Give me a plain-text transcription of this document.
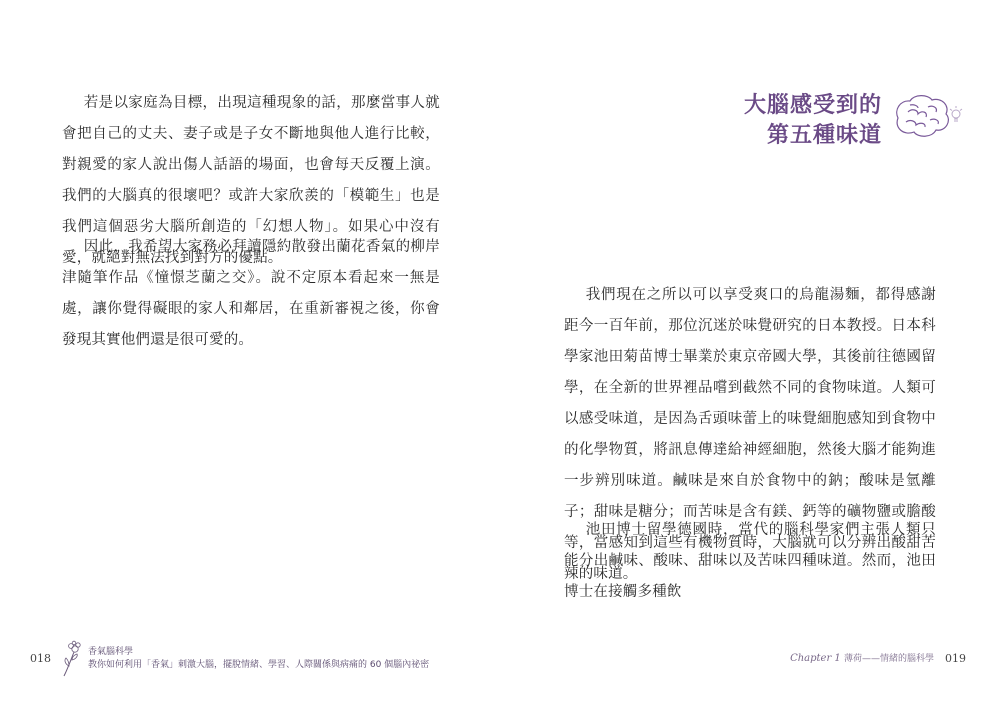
若是以家庭為目標，出現這種現象的話，那麼當事人就會把自己的丈夫、妻子或是子女不斷地與他人進行比較，對親愛的家人說出傷人話語的場面，也會每天反覆上演。我們的大腦真的很壞吧？或許大家欣羨的「模範生」也是我們這個惡劣大腦所創造的「幻想人物」。如果心中沒有愛，就絕對無法找到對方的優點。

因此，我希望大家務必拜讀隱約散發出蘭花香氣的柳岸津隨筆作品《憧憬芝蘭之交》。說不定原本看起來一無是處，讓你覺得礙眼的家人和鄰居，在重新審視之後，你會發現其實他們還是很可愛的。

018	香氣腦科學
教你如何利用「香氣」刺激大腦，擺脫情緒、學習、人際關係與病痛的 60 個腦內祕密
大腦感受到的
第五種味道

我們現在之所以可以享受爽口的烏龍湯麵，都得感謝距今一百年前，那位沉迷於味覺研究的日本教授。日本科學家池田菊苗博士畢業於東京帝國大學，其後前往德國留學，在全新的世界裡品嚐到截然不同的食物味道。人類可以感受味道，是因為舌頭味蕾上的味覺細胞感知到食物中的化學物質，將訊息傳達給神經細胞，然後大腦才能夠進一步辨別味道。鹹味是來自於食物中的鈉；酸味是氫離子；甜味是糖分；而苦味是含有鎂、鈣等的礦物鹽或膽酸等，當感知到這些有機物質時，大腦就可以分辨出酸甜苦辣的味道。

池田博士留學德國時，當代的腦科學家們主張人類只能分出鹹味、酸味、甜味以及苦味四種味道。然而，池田博士在接觸多種飲

Chapter 1 薄荷——情緒的腦科學 019
